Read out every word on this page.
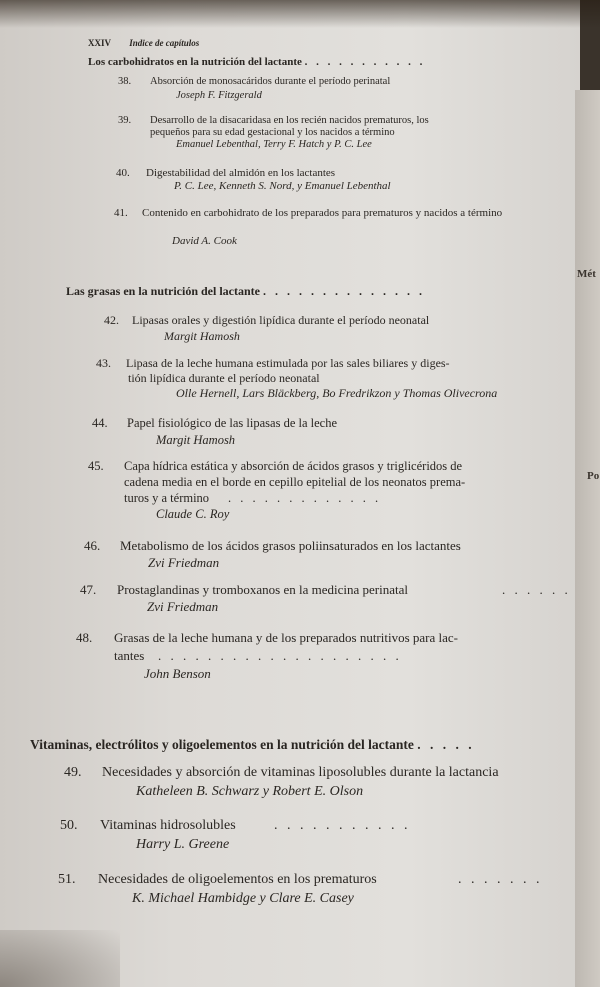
XXIV Indice de capítulos
Los carbohidratos en la nutrición del lactante . . . . . . . . . . .
38. Absorción de monosacáridos durante el período perinatal
Joseph F. Fitzgerald
39. Desarrollo de la disacaridasa en los recién nacidos prematuros, los
pequeños para su edad gestacional y los nacidos a término
Emanuel Lebenthal, Terry F. Hatch y P. C. Lee
40. Digestabilidad del almidón en los lactantes
P. C. Lee, Kenneth S. Nord, y Emanuel Lebenthal
41. Contenido en carbohidrato de los preparados para prematuros y nacidos a término
David A. Cook
Las grasas en la nutrición del lactante . . . . . . . . . . . . . .
42. Lipasas orales y digestión lipídica durante el período neonatal
Margit Hamosh
43. Lipasa de la leche humana estimulada por las sales biliares y diges-
tión lipídica durante el período neonatal
Olle Hernell, Lars Bläckberg, Bo Fredrikzon y Thomas Olivecrona
44. Papel fisiológico de las lipasas de la leche
Margit Hamosh
45. Capa hídrica estática y absorción de ácidos grasos y triglicéridos de
cadena media en el borde en cepillo epitelial de los neonatos prema-
turos y a término . . . . . . . . . . . . .
Claude C. Roy
46. Metabolismo de los ácidos grasos poliinsaturados en los lactantes
Zvi Friedman
47. Prostaglandinas y tromboxanos en la medicina perinatal	. . . . . .
Zvi Friedman
48. Grasas de la leche humana y de los preparados nutritivos para lac-
tantes . . . . . . . . . . . . . . . . . . . .
John Benson
Vitaminas, electrólitos y oligoelementos en la nutrición del lactante . . . . .
49. Necesidades y absorción de vitaminas liposolubles durante la lactancia
Katheleen B. Schwarz y Robert E. Olson
50. Vitaminas hidrosolubles	. . . . . . . . . . .
Harry L. Greene
51. Necesidades de oligoelementos en los prematuros	. . . . . . .
K. Michael Hambidge y Clare E. Casey
Mét
Po
